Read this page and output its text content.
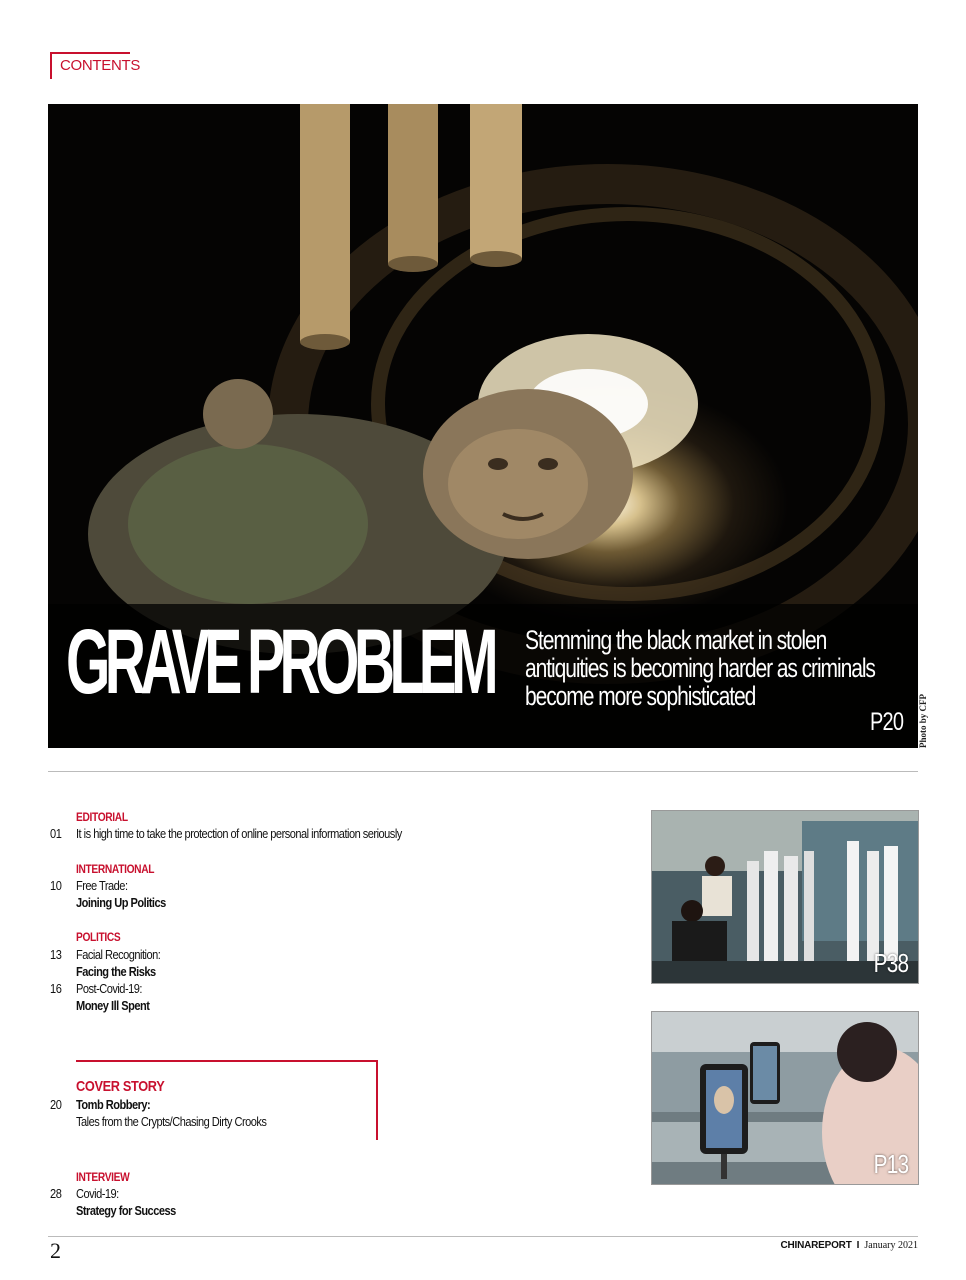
CONTENTS
GRAVE PROBLEM Stemming the black market in stolen antiquities is becoming harder as criminals become more sophisticated
P20 Photo by CFP
EDITORIAL
01 It is high time to take the protection of online personal information seriously
INTERNATIONAL
10 Free Trade:
Joining Up Politics
POLITICS
13 Facial Recognition:
Facing the Risks
16 Post-Covid-19:
Money Ill Spent
COVER STORY
20 Tomb Robbery:
Tales from the Crypts/Chasing Dirty Crooks
INTERVIEW
28 Covid-19:
Strategy for Success
P38
P13
2	CHINAREPORT I January 2021
